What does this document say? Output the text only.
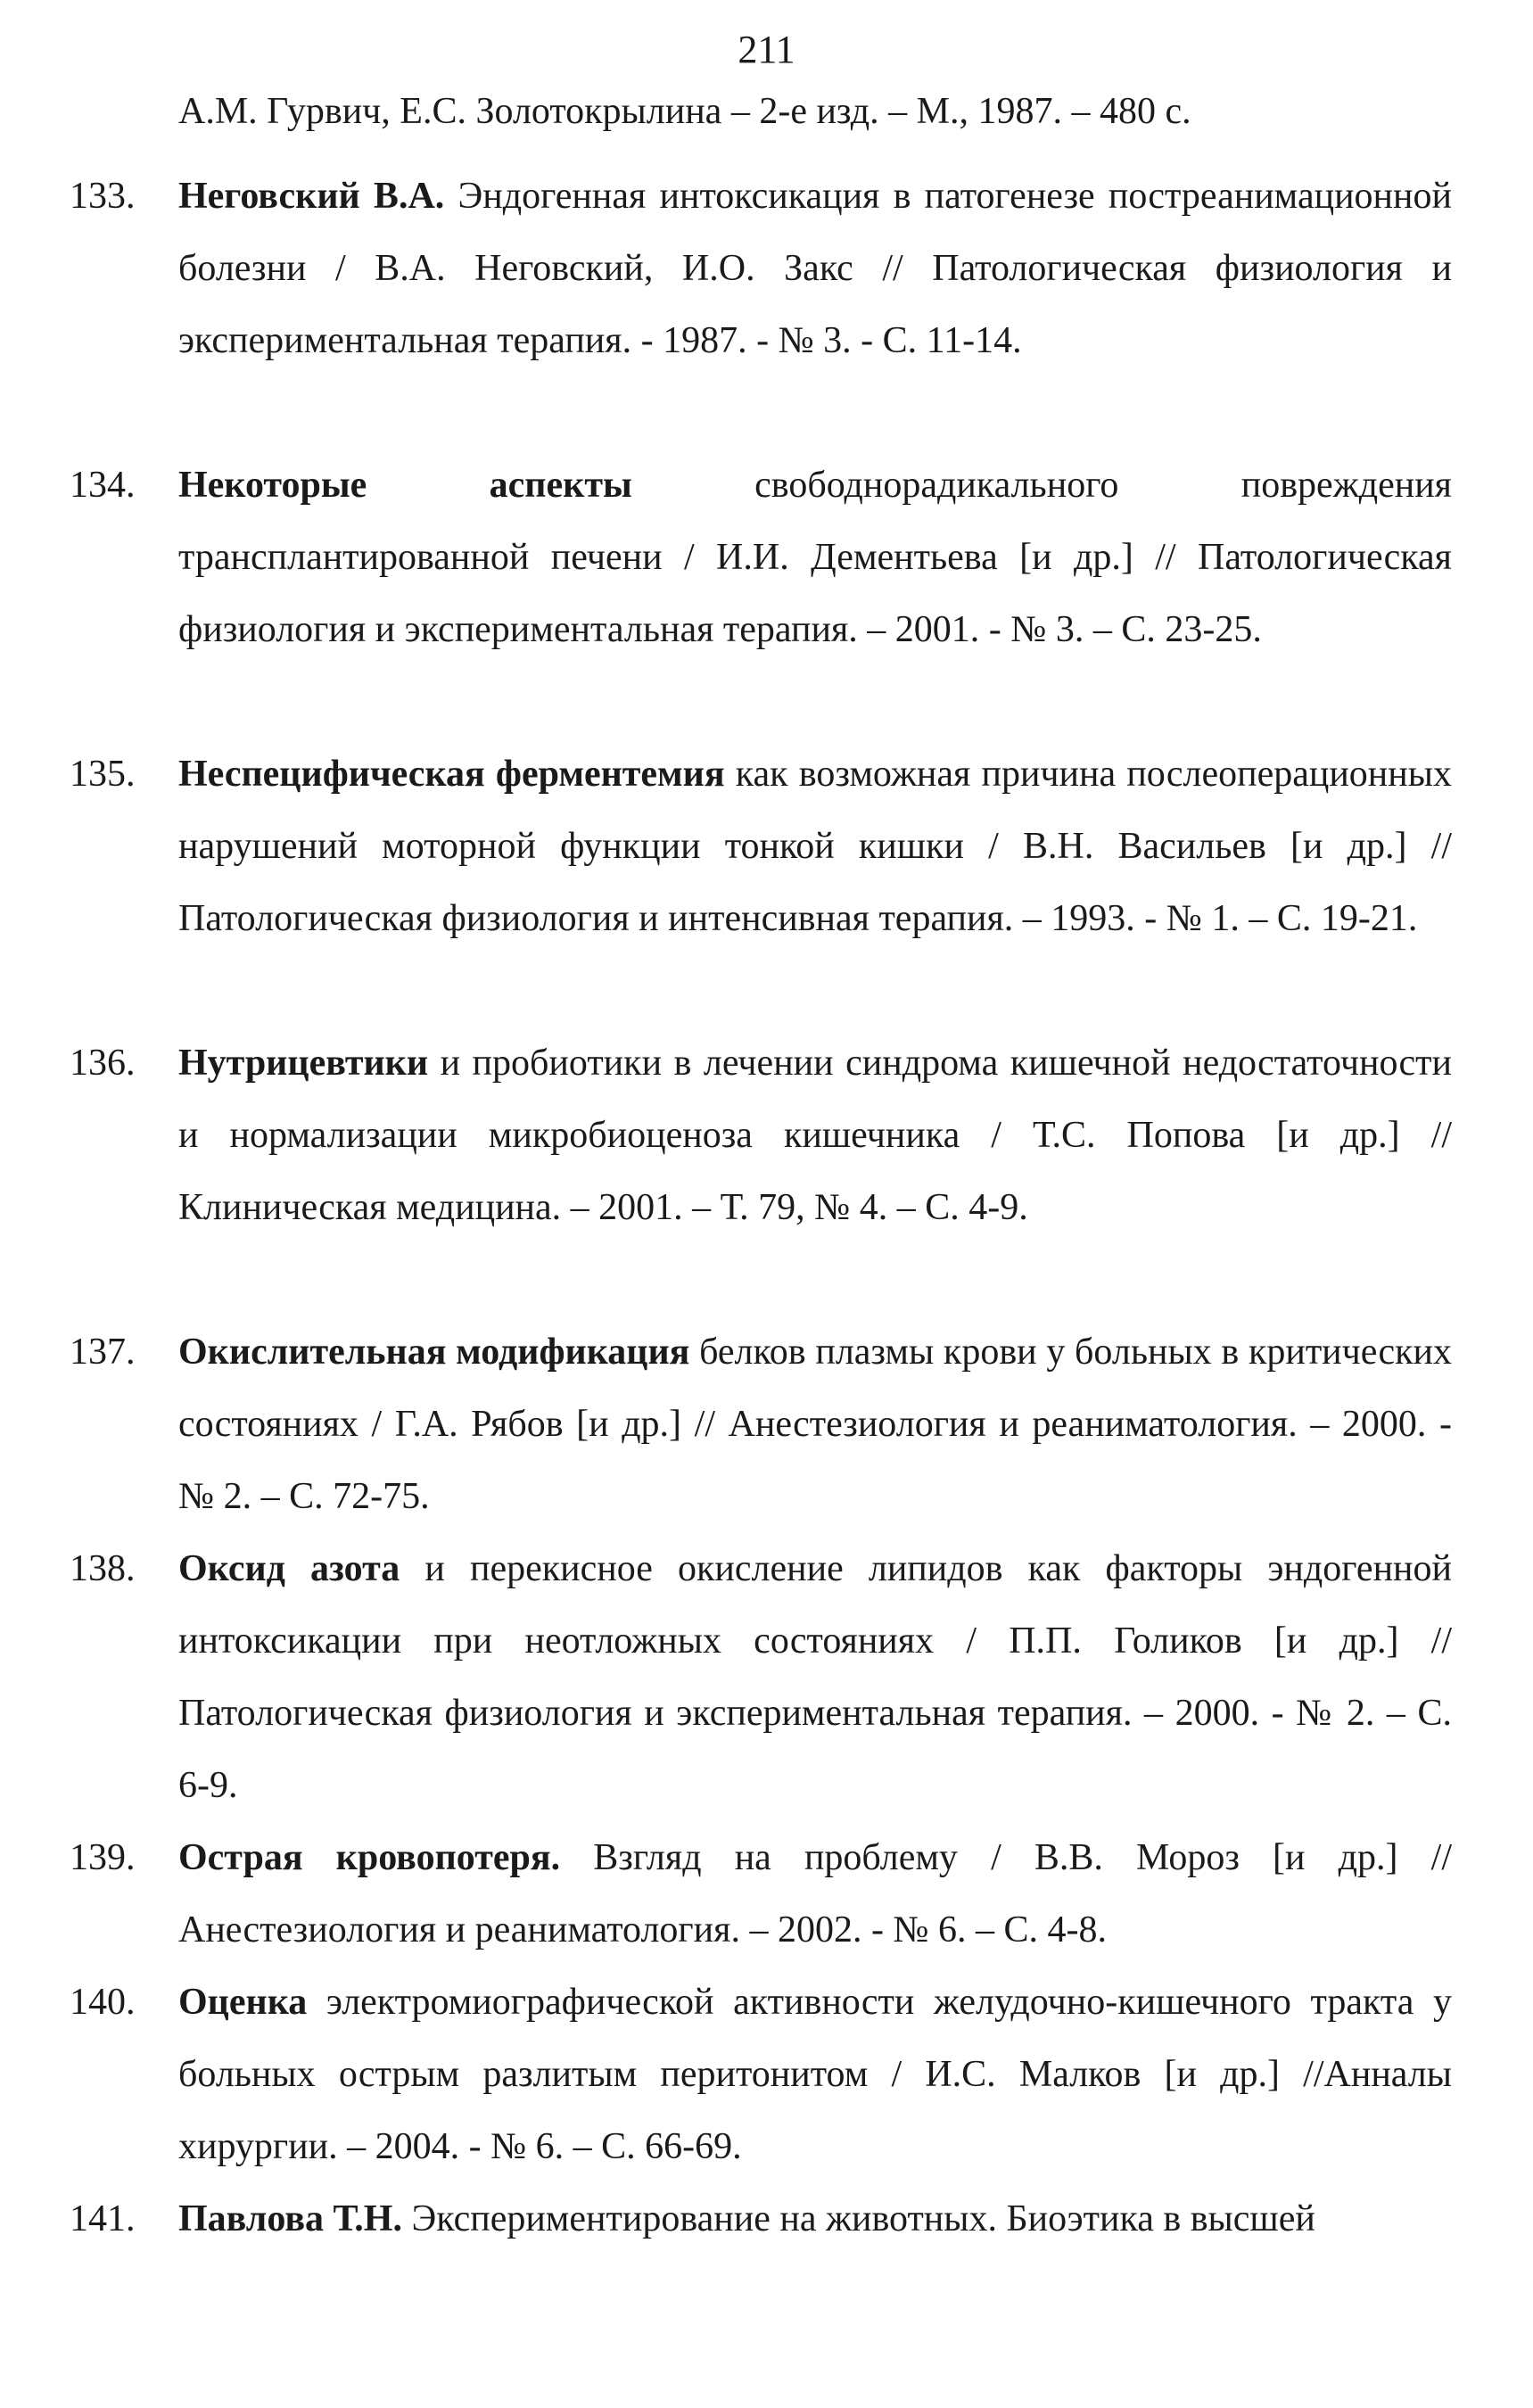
211
А.М. Гурвич, Е.С. Золотокрылина – 2-е изд. – М., 1987. – 480 с.
133. Неговский В.А. Эндогенная интоксикация в патогенезе постреанимационной болезни / В.А. Неговский, И.О. Закс // Патологическая физиология и экспериментальная терапия. - 1987. - № 3. - С. 11-14.
134. Некоторые аспекты свободнорадикального повреждения трансплантированной печени / И.И. Дементьева [и др.] // Патологическая физиология и экспериментальная терапия. – 2001. - № 3. – С. 23-25.
135. Неспецифическая ферментемия как возможная причина послеоперационных нарушений моторной функции тонкой кишки / В.Н. Васильев [и др.] // Патологическая физиология и интенсивная терапия. – 1993. - № 1. – С. 19-21.
136. Нутрицевтики и пробиотики в лечении синдрома кишечной недостаточности и нормализации микробиоценоза кишечника / Т.С. Попова [и др.] // Клиническая медицина. – 2001. – Т. 79, № 4. – С. 4-9.
137. Окислительная модификация белков плазмы крови у больных в критических состояниях / Г.А. Рябов [и др.] // Анестезиология и реаниматология. – 2000. - № 2. – С. 72-75.
138. Оксид азота и перекисное окисление липидов как факторы эндогенной интоксикации при неотложных состояниях / П.П. Голиков [и др.] // Патологическая физиология и экспериментальная терапия. – 2000. - № 2. – С. 6-9.
139. Острая кровопотеря. Взгляд на проблему / В.В. Мороз [и др.] // Анестезиология и реаниматология. – 2002. - № 6. – С. 4-8.
140. Оценка электромиографической активности желудочно-кишечного тракта у больных острым разлитым перитонитом / И.С. Малков [и др.] //Анналы хирургии. – 2004. - № 6. – С. 66-69.
141. Павлова Т.Н. Экспериментирование на животных. Биоэтика в высшей
